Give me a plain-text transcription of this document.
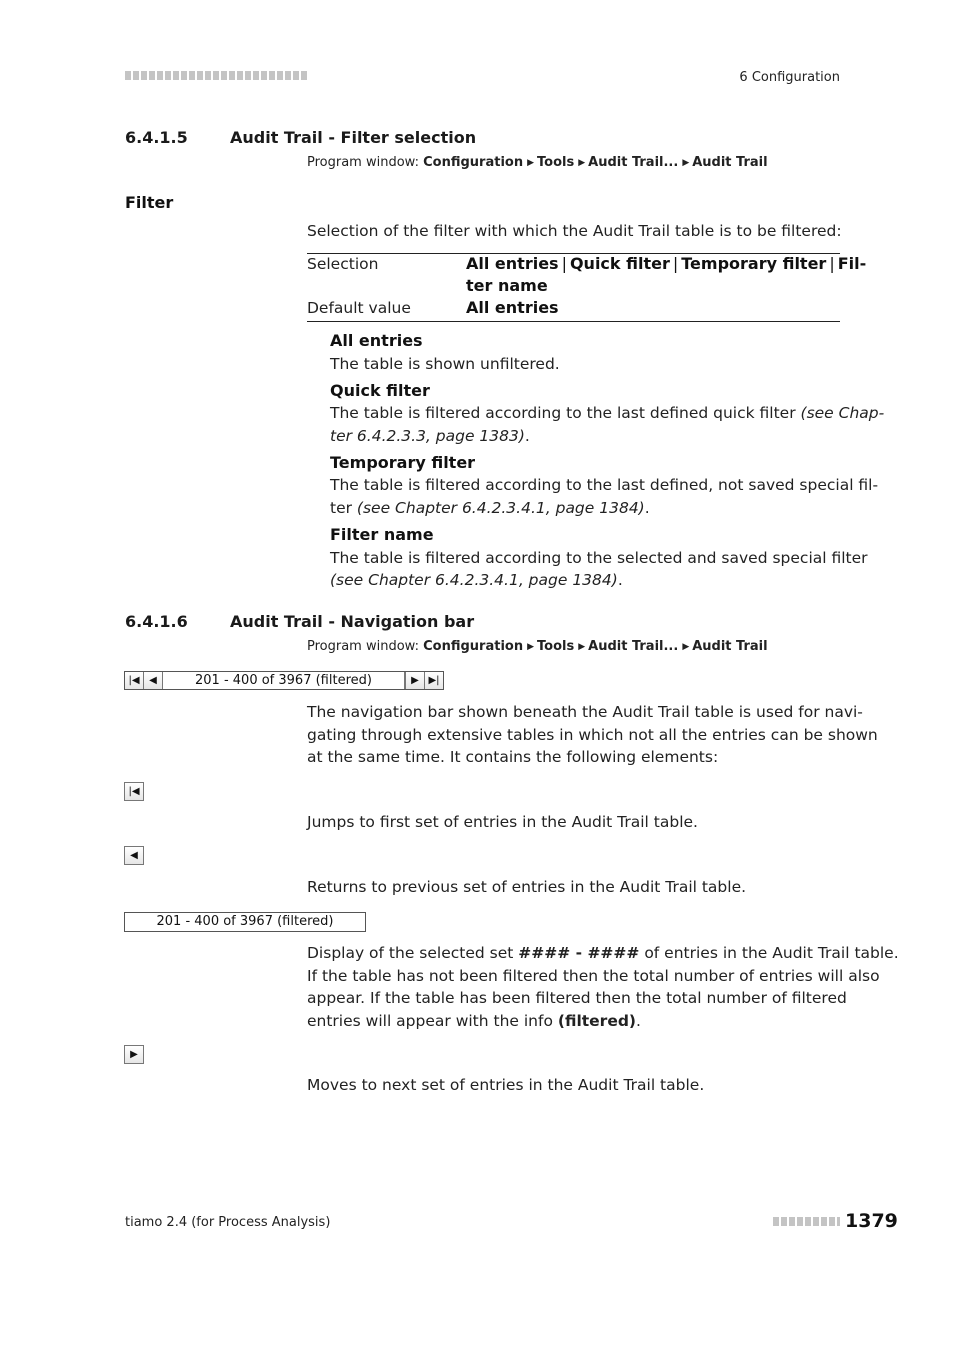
6 Configuration
6.4.1.5	Audit Trail - Filter selection
Program window: Configuration ▶ Tools ▶ Audit Trail... ▶ Audit Trail
Filter
Selection of the filter with which the Audit Trail table is to be filtered:
Selection	All entries | Quick filter | Temporary filter | Fil-
ter name
Default value	All entries
All entries
The table is shown unfiltered.
Quick filter
The table is filtered according to the last defined quick filter (see Chap-
ter 6.4.2.3.3, page 1383).
Temporary filter
The table is filtered according to the last defined, not saved special fil-
ter (see Chapter 6.4.2.3.4.1, page 1384).
Filter name
The table is filtered according to the selected and saved special filter
(see Chapter 6.4.2.3.4.1, page 1384).
6.4.1.6	Audit Trail - Navigation bar
Program window: Configuration ▶ Tools ▶ Audit Trail... ▶ Audit Trail
|◀ ◀	201 - 400 of 3967 (filtered)	▶ ▶|
The navigation bar shown beneath the Audit Trail table is used for navi-
gating through extensive tables in which not all the entries can be shown
at the same time. It contains the following elements:
|◀
Jumps to first set of entries in the Audit Trail table.
◀
Returns to previous set of entries in the Audit Trail table.
201 - 400 of 3967 (filtered)
Display of the selected set #### - #### of entries in the Audit Trail table.
If the table has not been filtered then the total number of entries will also
appear. If the table has been filtered then the total number of filtered
entries will appear with the info (filtered).
▶
Moves to next set of entries in the Audit Trail table.
tiamo 2.4 (for Process Analysis)	1379
